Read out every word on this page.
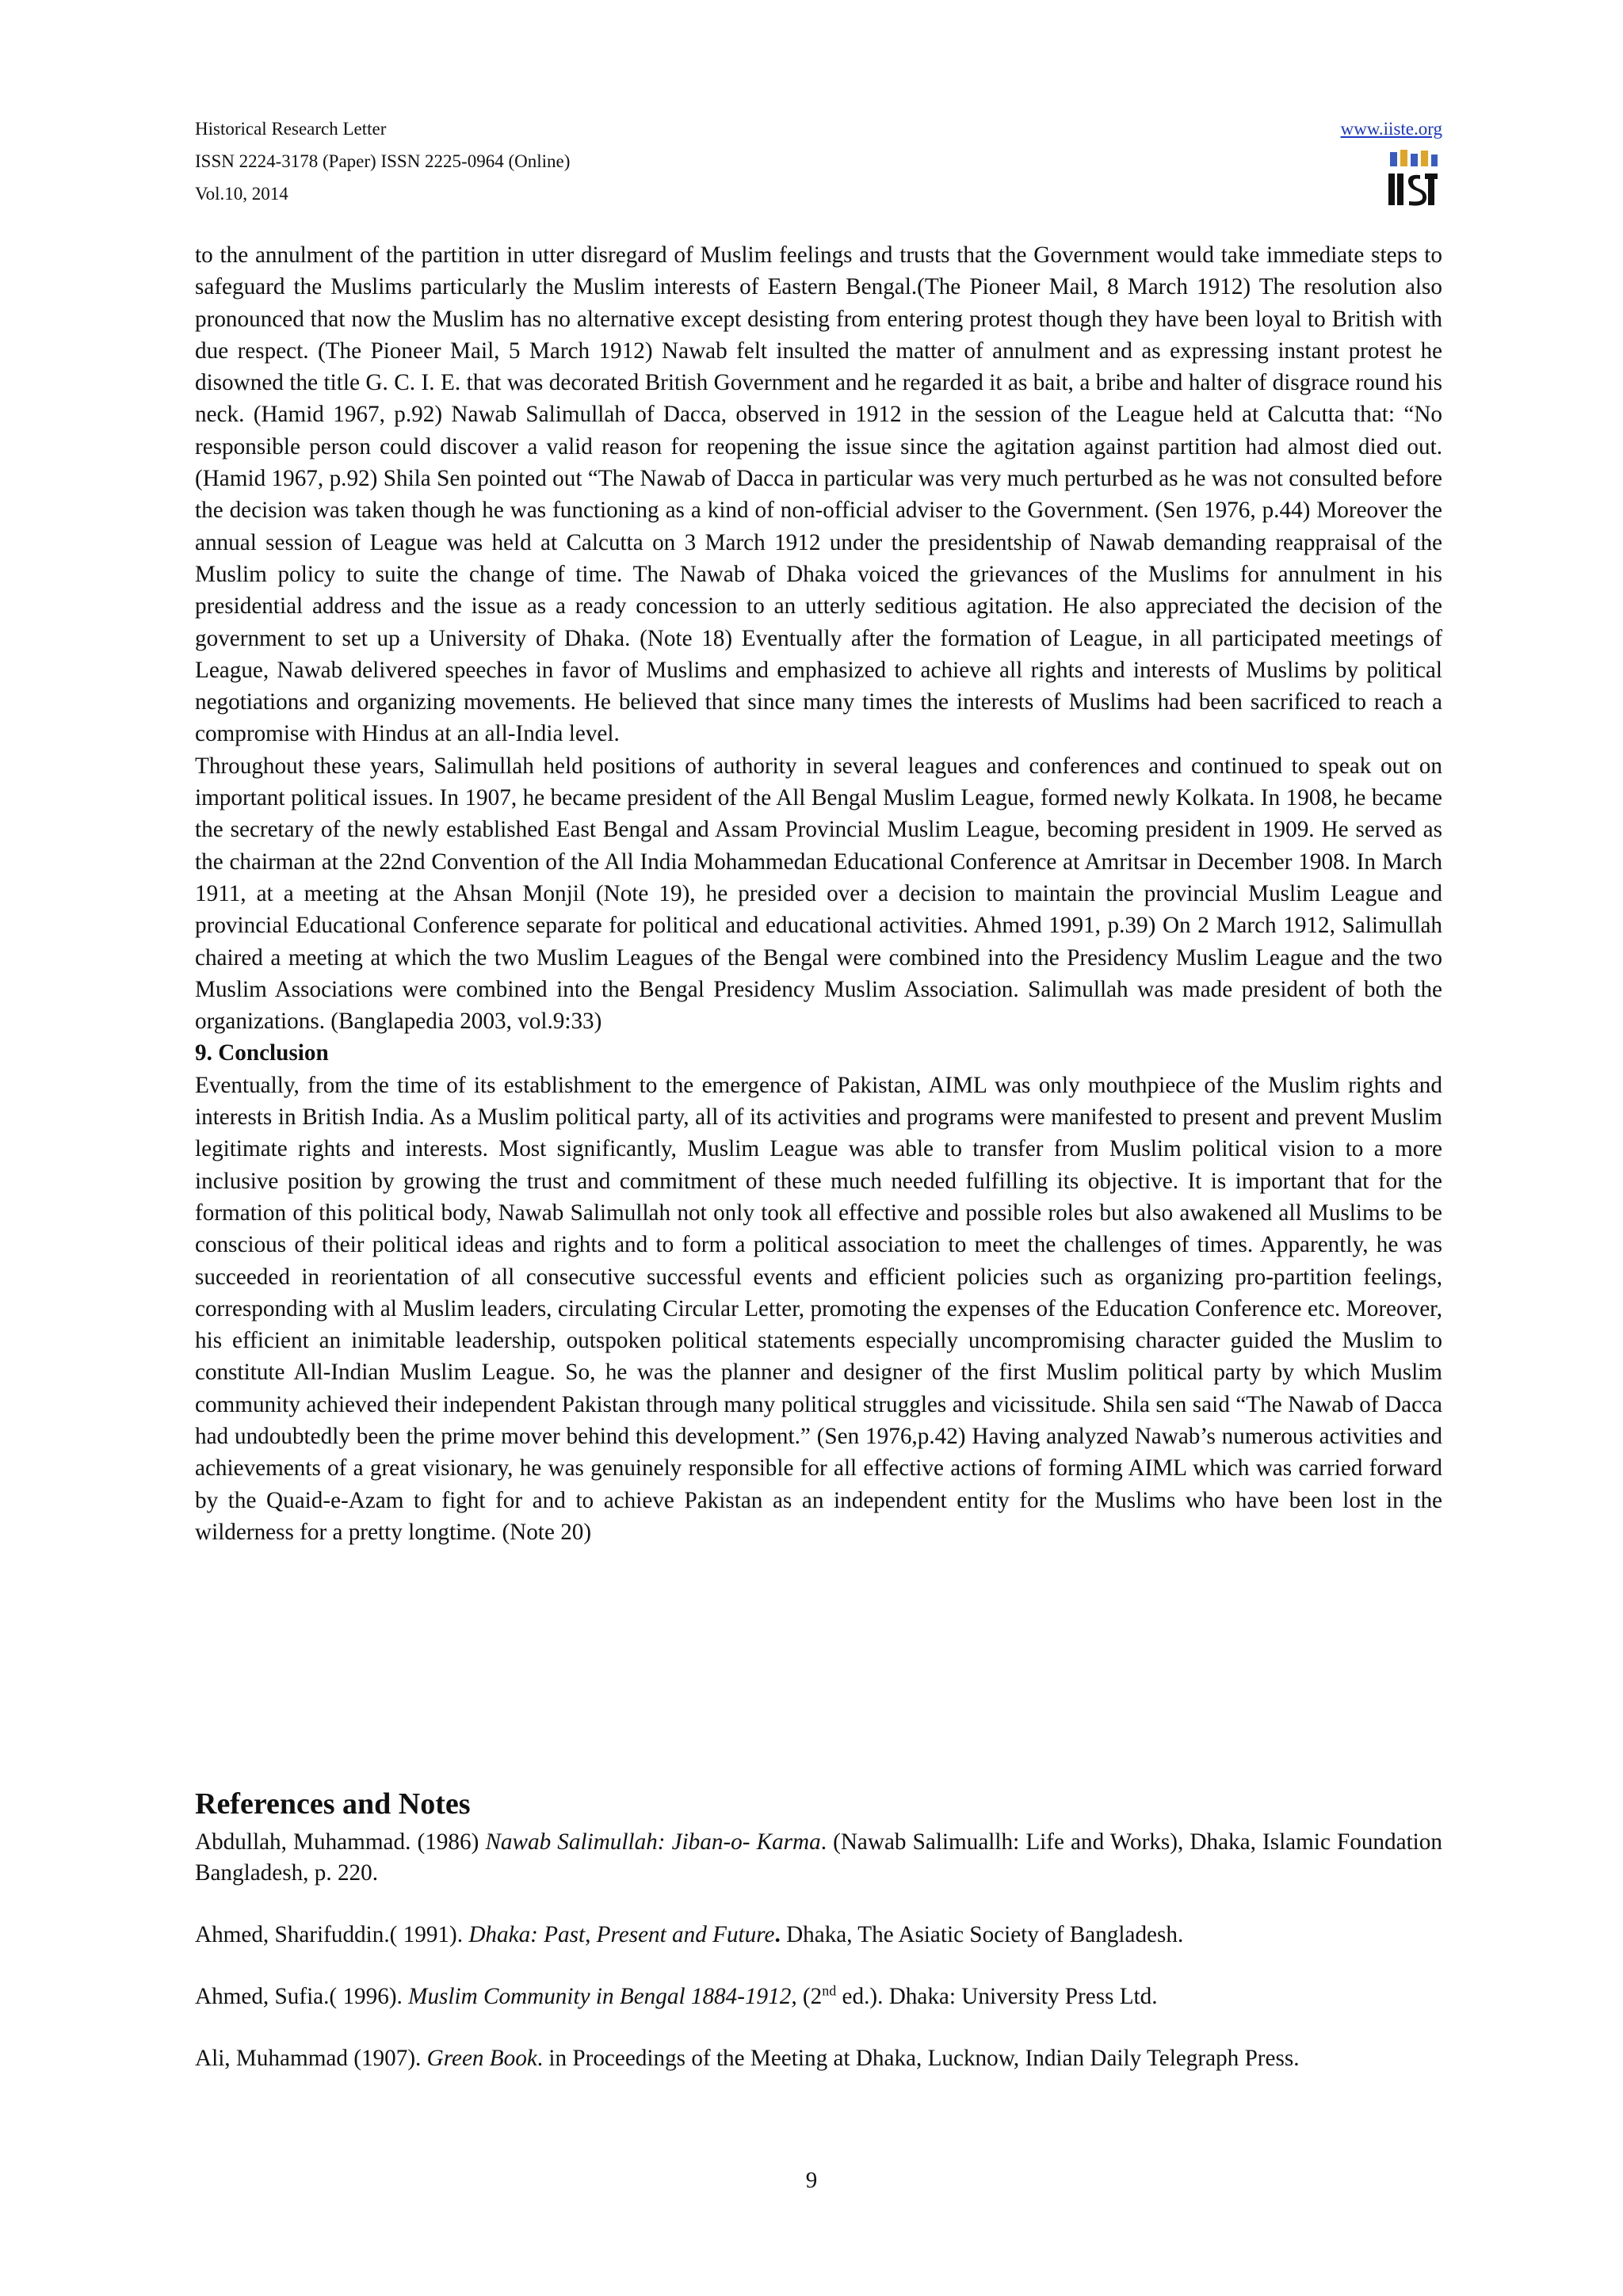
Historical Research Letter
ISSN 2224-3178 (Paper) ISSN 2225-0964 (Online)
Vol.10, 2014
www.iiste.org

to the annulment of the partition in utter disregard of Muslim feelings and trusts that the Government would take immediate steps to safeguard the Muslims particularly the Muslim interests of Eastern Bengal.(The Pioneer Mail, 8 March 1912) The resolution also pronounced that now the Muslim has no alternative except desisting from entering protest though they have been loyal to British with due respect. (The Pioneer Mail, 5 March 1912) Nawab felt insulted the matter of annulment and as expressing instant protest he disowned the title G. C. I. E. that was decorated British Government and he regarded it as bait, a bribe and halter of disgrace round his neck. (Hamid 1967, p.92) Nawab Salimullah of Dacca, observed in 1912 in the session of the League held at Calcutta that: “No responsible person could discover a valid reason for reopening the issue since the agitation against partition had almost died out. (Hamid 1967, p.92) Shila Sen pointed out “The Nawab of Dacca in particular was very much perturbed as he was not consulted before the decision was taken though he was functioning as a kind of non-official adviser to the Government. (Sen 1976, p.44) Moreover the annual session of League was held at Calcutta on 3 March 1912 under the presidentship of Nawab demanding reappraisal of the Muslim policy to suite the change of time. The Nawab of Dhaka voiced the grievances of the Muslims for annulment in his presidential address and the issue as a ready concession to an utterly seditious agitation. He also appreciated the decision of the government to set up a University of Dhaka. (Note 18) Eventually after the formation of League, in all participated meetings of League, Nawab delivered speeches in favor of Muslims and emphasized to achieve all rights and interests of Muslims by political negotiations and organizing movements. He believed that since many times the interests of Muslims had been sacrificed to reach a compromise with Hindus at an all-India level.

Throughout these years, Salimullah held positions of authority in several leagues and conferences and continued to speak out on important political issues. In 1907, he became president of the All Bengal Muslim League, formed newly Kolkata. In 1908, he became the secretary of the newly established East Bengal and Assam Provincial Muslim League, becoming president in 1909. He served as the chairman at the 22nd Convention of the All India Mohammedan Educational Conference at Amritsar in December 1908. In March 1911, at a meeting at the Ahsan Monjil (Note 19), he presided over a decision to maintain the provincial Muslim League and provincial Educational Conference separate for political and educational activities. Ahmed 1991, p.39) On 2 March 1912, Salimullah chaired a meeting at which the two Muslim Leagues of the Bengal were combined into the Presidency Muslim League and the two Muslim Associations were combined into the Bengal Presidency Muslim Association. Salimullah was made president of both the organizations. (Banglapedia 2003, vol.9:33)

9. Conclusion

Eventually, from the time of its establishment to the emergence of Pakistan, AIML was only mouthpiece of the Muslim rights and interests in British India. As a Muslim political party, all of its activities and programs were manifested to present and prevent Muslim legitimate rights and interests. Most significantly, Muslim League was able to transfer from Muslim political vision to a more inclusive position by growing the trust and commitment of these much needed fulfilling its objective. It is important that for the formation of this political body, Nawab Salimullah not only took all effective and possible roles but also awakened all Muslims to be conscious of their political ideas and rights and to form a political association to meet the challenges of times. Apparently, he was succeeded in reorientation of all consecutive successful events and efficient policies such as organizing pro-partition feelings, corresponding with al Muslim leaders, circulating Circular Letter, promoting the expenses of the Education Conference etc. Moreover, his efficient an inimitable leadership, outspoken political statements especially uncompromising character guided the Muslim to constitute All-Indian Muslim League. So, he was the planner and designer of the first Muslim political party by which Muslim community achieved their independent Pakistan through many political struggles and vicissitude. Shila sen said “The Nawab of Dacca had undoubtedly been the prime mover behind this development.” (Sen 1976,p.42) Having analyzed Nawab’s numerous activities and achievements of a great visionary, he was genuinely responsible for all effective actions of forming AIML which was carried forward by the Quaid-e-Azam to fight for and to achieve Pakistan as an independent entity for the Muslims who have been lost in the wilderness for a pretty longtime. (Note 20)

References and Notes

Abdullah, Muhammad. (1986) Nawab Salimullah: Jiban-o- Karma. (Nawab Salimuallh: Life and Works), Dhaka, Islamic Foundation Bangladesh, p. 220.

Ahmed, Sharifuddin.( 1991). Dhaka: Past, Present and Future. Dhaka, The Asiatic Society of Bangladesh.

Ahmed, Sufia.( 1996). Muslim Community in Bengal 1884-1912, (2nd ed.). Dhaka: University Press Ltd.

Ali, Muhammad (1907). Green Book. in Proceedings of the Meeting at Dhaka, Lucknow, Indian Daily Telegraph Press.

9
